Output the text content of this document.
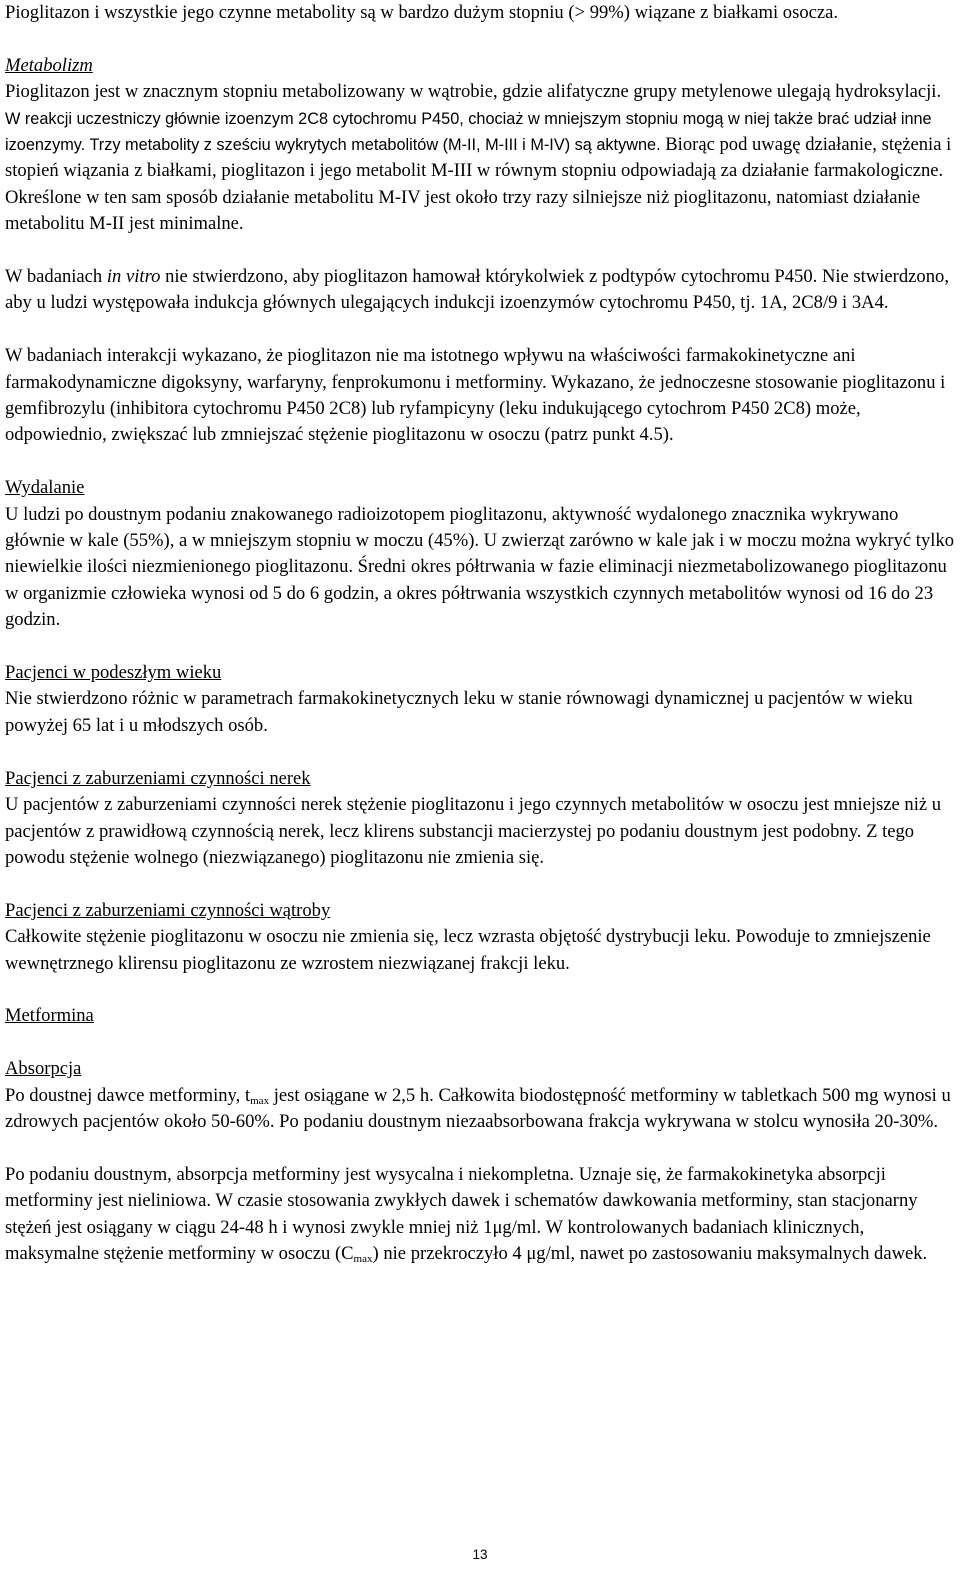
Pioglitazon i wszystkie jego czynne metabolity są w bardzo dużym stopniu (> 99%) wiązane z białkami osocza.

Metabolizm

Pioglitazon jest w znacznym stopniu metabolizowany w wątrobie, gdzie alifatyczne grupy metylenowe ulegają hydroksylacji. W reakcji uczestniczy głównie izoenzym 2C8 cytochromu P450, chociaż w mniejszym stopniu mogą w niej także brać udział inne izoenzymy. Trzy metabolity z sześciu wykrytych metabolitów (M-II, M-III i M-IV) są aktywne. Biorąc pod uwagę działanie, stężenia i stopień wiązania z białkami, pioglitazon i jego metabolit M-III w równym stopniu odpowiadają za działanie farmakologiczne. Określone w ten sam sposób działanie metabolitu M-IV jest około trzy razy silniejsze niż pioglitazonu, natomiast działanie metabolitu M-II jest minimalne.

W badaniach in vitro nie stwierdzono, aby pioglitazon hamował którykolwiek z podtypów cytochromu P450. Nie stwierdzono, aby u ludzi występowała indukcja głównych ulegających indukcji izoenzymów cytochromu P450, tj. 1A, 2C8/9 i 3A4.

W badaniach interakcji wykazano, że pioglitazon nie ma istotnego wpływu na właściwości farmakokinetyczne ani farmakodynamiczne digoksyny, warfaryny, fenprokumonu i metforminy. Wykazano, że jednoczesne stosowanie pioglitazonu i gemfibrozylu (inhibitora cytochromu P450 2C8) lub ryfampicyny (leku indukującego cytochrom P450 2C8) może, odpowiednio, zwiększać lub zmniejszać stężenie pioglitazonu w osoczu (patrz punkt 4.5).

Wydalanie

U ludzi po doustnym podaniu znakowanego radioizotopem pioglitazonu, aktywność wydalonego znacznika wykrywano głównie w kale (55%), a w mniejszym stopniu w moczu (45%). U zwierząt zarówno w kale jak i w moczu można wykryć tylko niewielkie ilości niezmienionego pioglitazonu. Średni okres półtrwania w fazie eliminacji niezmetabolizowanego pioglitazonu w organizmie człowieka wynosi od 5 do 6 godzin, a okres półtrwania wszystkich czynnych metabolitów wynosi od 16 do 23 godzin.

Pacjenci w podeszłym wieku

Nie stwierdzono różnic w parametrach farmakokinetycznych leku w stanie równowagi dynamicznej u pacjentów w wieku powyżej 65 lat i u młodszych osób.

Pacjenci z zaburzeniami czynności nerek

U pacjentów z zaburzeniami czynności nerek stężenie pioglitazonu i jego czynnych metabolitów w osoczu jest mniejsze niż u pacjentów z prawidłową czynnością nerek, lecz klirens substancji macierzystej po podaniu doustnym jest podobny. Z tego powodu stężenie wolnego (niezwiązanego) pioglitazonu nie zmienia się.

Pacjenci z zaburzeniami czynności wątroby

Całkowite stężenie pioglitazonu w osoczu nie zmienia się, lecz wzrasta objętość dystrybucji leku. Powoduje to zmniejszenie wewnętrznego klirensu pioglitazonu ze wzrostem niezwiązanej frakcji leku.

Metformina

Absorpcja

Po doustnej dawce metforminy, $t_{max}$ jest osiągane w 2,5 h. Całkowita biodostępność metforminy w tabletkach 500 mg wynosi u zdrowych pacjentów około 50-60%. Po podaniu doustnym niezaabsorbowana frakcja wykrywana w stolcu wynosiła 20-30%.

Po podaniu doustnym, absorpcja metforminy jest wysycalna i niekompletna. Uznaje się, że farmakokinetyka absorpcji metforminy jest nieliniowa. W czasie stosowania zwykłych dawek i schematów dawkowania metforminy, stan stacjonarny stężeń jest osiągany w ciągu 24-48 h i wynosi zwykle mniej niż 1μg/ml. W kontrolowanych badaniach klinicznych, maksymalne stężenie metforminy w osoczu $(C_{max})$ nie przekroczyło 4 μg/ml, nawet po zastosowaniu maksymalnych dawek.

13
